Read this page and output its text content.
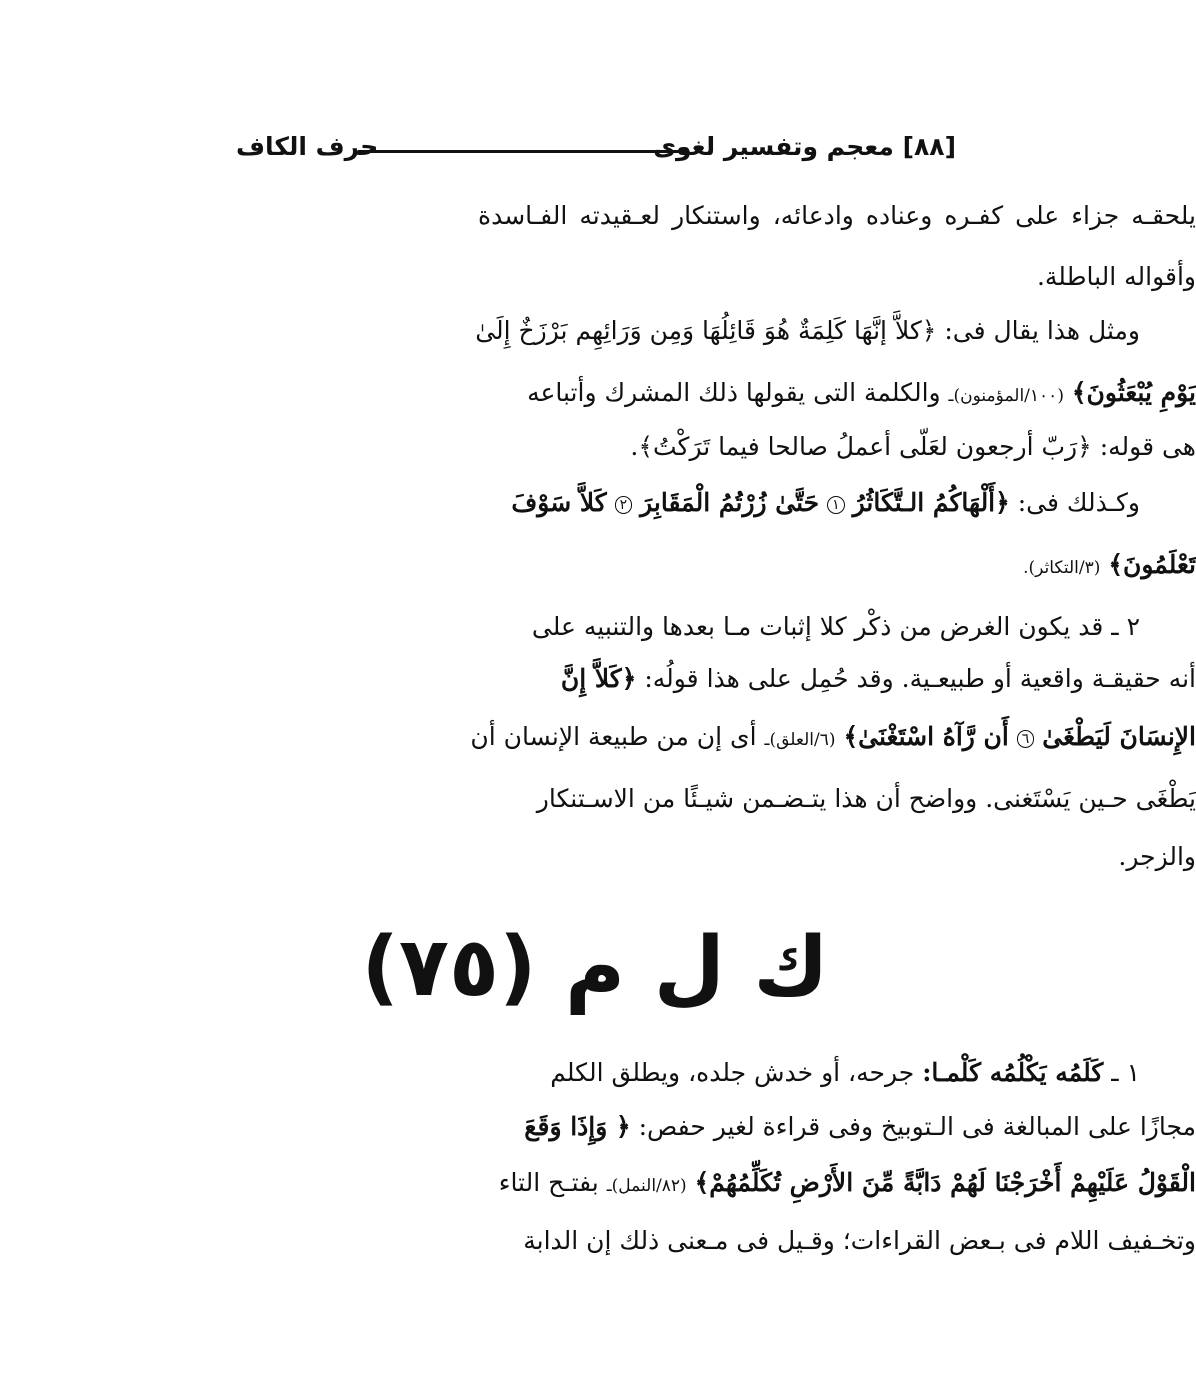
[٨٨] معجم وتفسير لغوى
حرف الكاف
يلحقـه جزاء على كفـره وعناده وادعائه، واستنكار لعـقيدته الفـاسدة
وأقواله الباطلة.
ومثل هذا يقال فى: ﴿كلاَّ إنَّهَا كَلِمَةٌ هُوَ قَائِلُهَا وَمِن وَرَائِهِم بَرْزَخٌ إِلَىٰ
يَوْمِ يُبْعَثُونَ﴾ (١٠٠/المؤمنون)ـ والكلمة التى يقولها ذلك المشرك وأتباعه
هى قوله: ﴿رَبّ أرجعون لعَلّى أعملُ صالحا فيما تَرَكْتُ﴾.
وكـذلك فى: ﴿أَلْهَاكُمُ الـتَّكَاثُرُ ١ حَتَّىٰ زُرْتُمُ الْمَقَابِرَ ٢ كَلاَّ سَوْفَ
تَعْلَمُونَ﴾ (٣/التكاثر).
٢ ـ قد يكون الغرض من ذكْر كلا إثبات مـا بعدها والتنبيه على
أنه حقيقـة واقعية أو طبيعـية. وقد حُمِل على هذا قولُه: ﴿كَلاَّ إِنَّ
الإِنسَانَ لَيَطْغَىٰ ٦ أَن رَّآهُ اسْتَغْنَىٰ﴾ (٦/العلق)ـ أى إن من طبيعة الإنسان أن
يَطْغَى حـين يَسْتَغنى. وواضح أن هذا يتـضـمن شيـئًا من الاسـتنكار
والزجر.
ك ل م (٧٥)
١ ـ كَلَمُه يَكْلُمُه كَلْمـا: جرحه، أو خدش جلده، ويطلق الكلم
مجازًا على المبالغة فى الـتوبيخ وفى قراءة لغير حفص: ﴿ وَإِذَا وَقَعَ
الْقَوْلُ عَلَيْهِمْ أَخْرَجْنَا لَهُمْ دَابَّةً مِّنَ الأَرْضِ تُكَلِّمُهُمْ﴾ (٨٢/النمل)ـ بفتـح التاء
وتخـفيف اللام فى بـعض القراءات؛ وقـيل فى مـعنى ذلك إن الدابة
